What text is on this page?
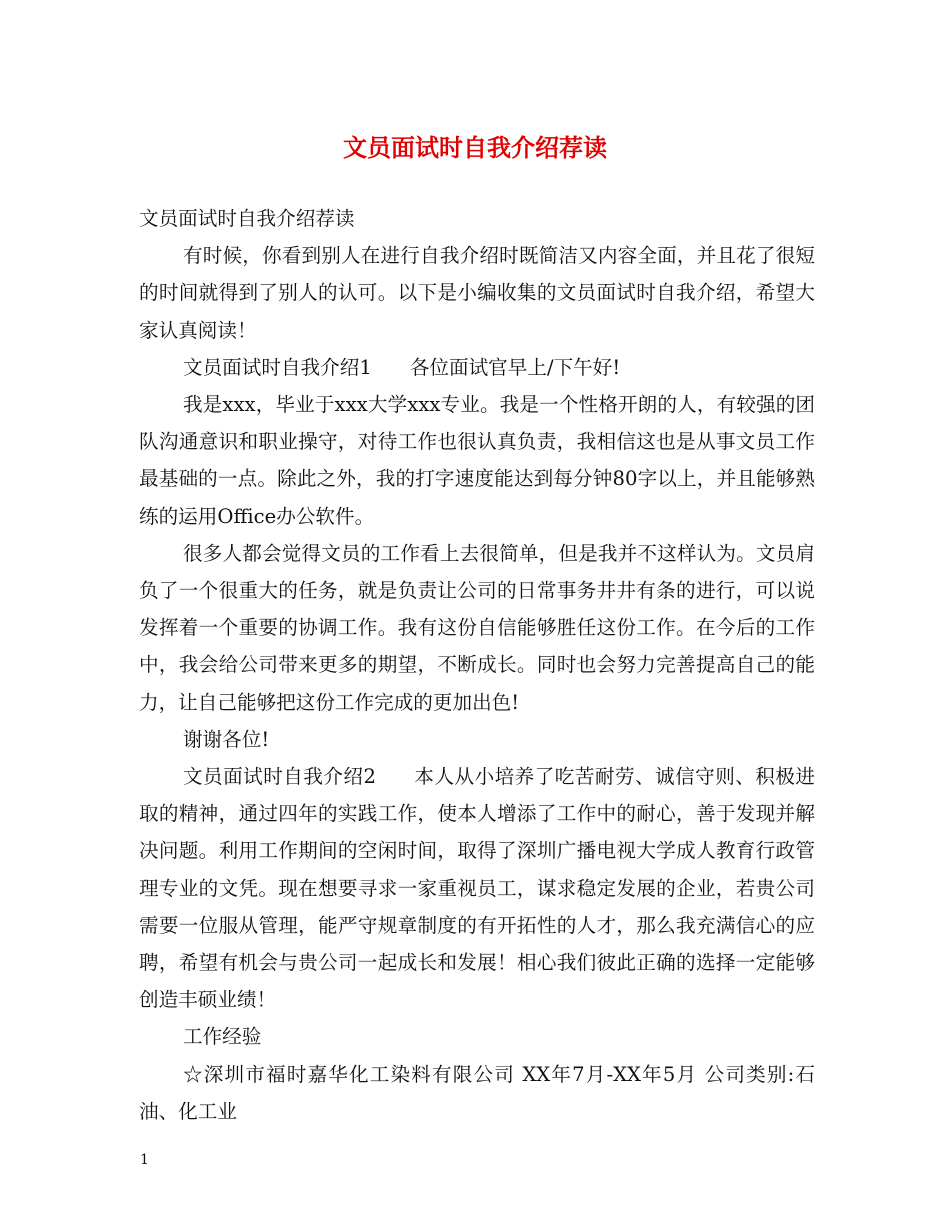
文员面试时自我介绍荐读

文员面试时自我介绍荐读

有时候，你看到别人在进行自我介绍时既简洁又内容全面，并且花了很短的时间就得到了别人的认可。以下是小编收集的文员面试时自我介绍，希望大家认真阅读！

文员面试时自我介绍1 各位面试官早上/下午好!

我是xxx，毕业于xxx大学xxx专业。我是一个性格开朗的人，有较强的团队沟通意识和职业操守，对待工作也很认真负责，我相信这也是从事文员工作最基础的一点。除此之外，我的打字速度能达到每分钟80字以上，并且能够熟练的运用Office办公软件。

很多人都会觉得文员的工作看上去很简单，但是我并不这样认为。文员肩负了一个很重大的任务，就是负责让公司的日常事务井井有条的进行，可以说发挥着一个重要的协调工作。我有这份自信能够胜任这份工作。在今后的工作中，我会给公司带来更多的期望，不断成长。同时也会努力完善提高自己的能力，让自己能够把这份工作完成的更加出色!

谢谢各位!

文员面试时自我介绍2 本人从小培养了吃苦耐劳、诚信守则、积极进取的精神，通过四年的实践工作，使本人增添了工作中的耐心，善于发现并解决问题。利用工作期间的空闲时间，取得了深圳广播电视大学成人教育行政管理专业的文凭。现在想要寻求一家重视员工，谋求稳定发展的企业，若贵公司需要一位服从管理，能严守规章制度的有开拓性的人才，那么我充满信心的应聘，希望有机会与贵公司一起成长和发展！相心我们彼此正确的选择一定能够创造丰硕业绩！

工作经验

☆深圳市福时嘉华化工染料有限公司 XX年7月-XX年5月 公司类别:石油、化工业

1
